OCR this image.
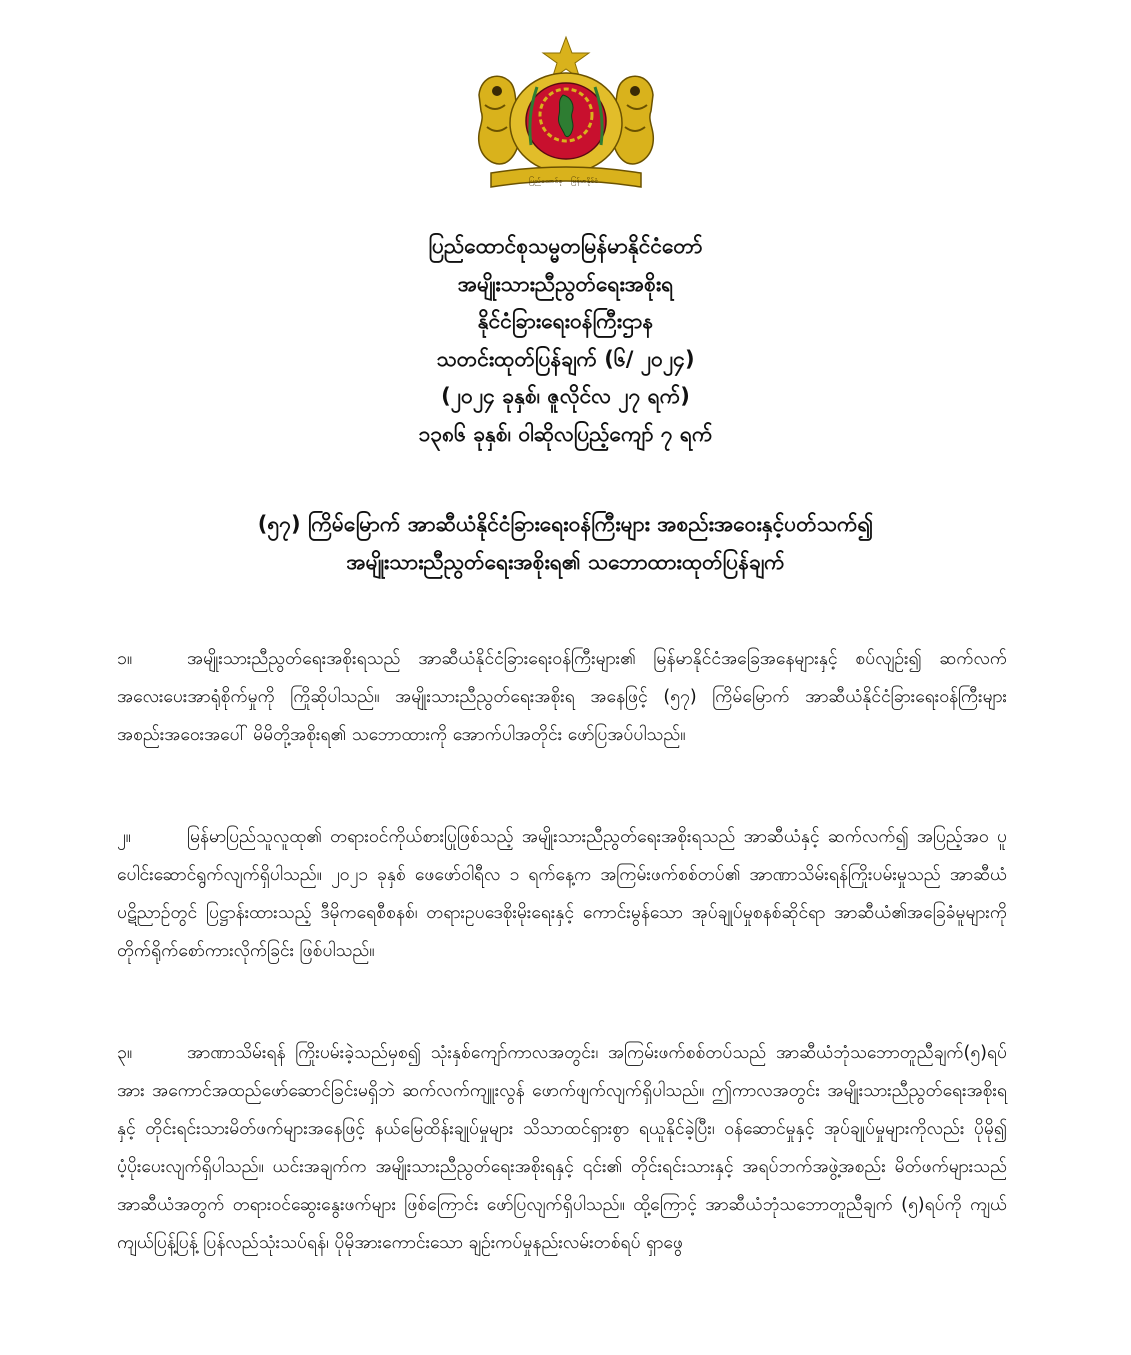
ပြည်ထောင်စု မြန်မာနိုင်ငံ
ပြည်ထောင်စုသမ္မတမြန်မာနိုင်ငံတော်
အမျိုးသားညီညွတ်ရေးအစိုးရ
နိုင်ငံခြားရေးဝန်ကြီးဌာန
သတင်းထုတ်ပြန်ချက် (၆/ ၂၀၂၄)
(၂၀၂၄ ခုနှစ်၊ ဇူလိုင်လ ၂၇ ရက်)
၁၃၈၆ ခုနှစ်၊ ဝါဆိုလပြည့်ကျော် ၇ ရက်
(၅၇) ကြိမ်မြောက် အာဆီယံနိုင်ငံခြားရေးဝန်ကြီးများ အစည်းအဝေးနှင့်ပတ်သက်၍
အမျိုးသားညီညွတ်ရေးအစိုးရ၏ သဘောထားထုတ်ပြန်ချက်

၁။	အမျိုးသားညီညွတ်ရေးအစိုးရသည် အာဆီယံနိုင်ငံခြားရေးဝန်ကြီးများ၏ မြန်မာနိုင်ငံအခြေအနေများနှင့် စပ်လျဉ်း၍ ဆက်လက်အလေးပေးအာရုံစိုက်မှုကို ကြိုဆိုပါသည်။ အမျိုးသားညီညွတ်ရေးအစိုးရ အနေဖြင့် (၅၇) ကြိမ်မြောက် အာဆီယံနိုင်ငံခြားရေးဝန်ကြီးများအစည်းအဝေးအပေါ် မိမိတို့အစိုးရ၏ သဘောထားကို အောက်ပါအတိုင်း ဖော်ပြအပ်ပါသည်။

၂။	မြန်မာပြည်သူလူထု၏ တရားဝင်ကိုယ်စားပြုဖြစ်သည့် အမျိုးသားညီညွတ်ရေးအစိုးရသည် အာဆီယံနှင့် ဆက်လက်၍ အပြည့်အဝ ပူပေါင်းဆောင်ရွက်လျက်ရှိပါသည်။ ၂၀၂၁ ခုနှစ် ဖေဖော်ဝါရီလ ၁ ရက်နေ့က အကြမ်းဖက်စစ်တပ်၏ အာဏာသိမ်းရန်ကြိုးပမ်းမှုသည် အာဆီယံပဋိညာဉ်တွင် ပြဋ္ဌာန်းထားသည့် ဒီမိုကရေစီစနစ်၊ တရားဥပဒေစိုးမိုးရေးနှင့် ကောင်းမွန်သော အုပ်ချုပ်မှုစနစ်ဆိုင်ရာ အာဆီယံ၏အခြေခံမူများကို တိုက်ရိုက်စော်ကားလိုက်ခြင်း ဖြစ်ပါသည်။

၃။	အာဏာသိမ်းရန် ကြိုးပမ်းခဲ့သည်မှစ၍ သုံးနှစ်ကျော်ကာလအတွင်း၊ အကြမ်းဖက်စစ်တပ်သည် အာဆီယံဘုံသဘောတူညီချက်(၅)ရပ်အား အကောင်အထည်ဖော်ဆောင်ခြင်းမရှိဘဲ ဆက်လက်ကျူးလွန် ဖောက်ဖျက်လျက်ရှိပါသည်။ ဤကာလအတွင်း အမျိုးသားညီညွတ်ရေးအစိုးရနှင့် တိုင်းရင်းသားမိတ်ဖက်များအနေဖြင့် နယ်မြေထိန်းချုပ်မှုများ သိသာထင်ရှားစွာ ရယူနိုင်ခဲ့ပြီး၊ ဝန်ဆောင်မှုနှင့် အုပ်ချုပ်မှုများကိုလည်း ပိုမို၍ ပံ့ပိုးပေးလျက်ရှိပါသည်။ ယင်းအချက်က အမျိုးသားညီညွတ်ရေးအစိုးရနှင့် ၎င်း၏ တိုင်းရင်းသားနှင့် အရပ်ဘက်အဖွဲ့အစည်း မိတ်ဖက်များသည် အာဆီယံအတွက် တရားဝင်ဆွေးနွေးဖက်များ ဖြစ်ကြောင်း ဖော်ပြလျက်ရှိပါသည်။ ထို့ကြောင့် အာဆီယံဘုံသဘောတူညီချက် (၅)ရပ်ကို ကျယ်ကျယ်ပြန့်ပြန့် ပြန်လည်သုံးသပ်ရန်၊ ပိုမိုအားကောင်းသော ချဉ်းကပ်မှုနည်းလမ်းတစ်ရပ် ရှာဖွေ
